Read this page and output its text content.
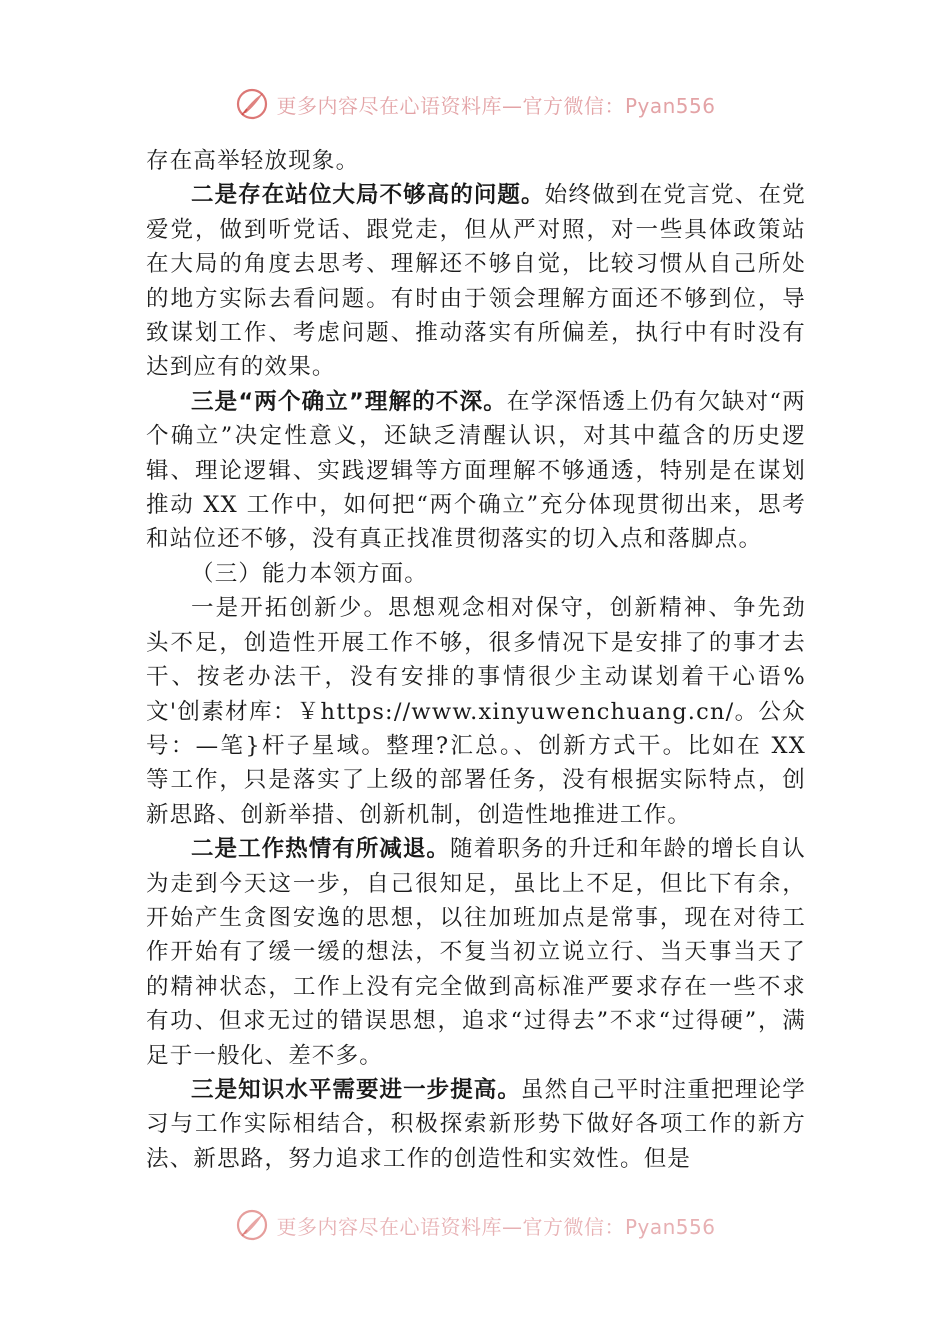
更多内容尽在心语资料库—官方微信：Pyan556

存在高举轻放现象。

二是存在站位大局不够高的问题。始终做到在党言党、在党爱党，做到听党话、跟党走，但从严对照，对一些具体政策站在大局的角度去思考、理解还不够自觉，比较习惯从自己所处的地方实际去看问题。有时由于领会理解方面还不够到位，导致谋划工作、考虑问题、推动落实有所偏差，执行中有时没有达到应有的效果。

三是“两个确立”理解的不深。在学深悟透上仍有欠缺对“两个确立”决定性意义，还缺乏清醒认识，对其中蕴含的历史逻辑、理论逻辑、实践逻辑等方面理解不够通透，特别是在谋划推动 XX 工作中，如何把“两个确立”充分体现贯彻出来，思考和站位还不够，没有真正找准贯彻落实的切入点和落脚点。

（三）能力本领方面。

一是开拓创新少。思想观念相对保守，创新精神、争先劲头不足，创造性开展工作不够，很多情况下是安排了的事才去干、按老办法干，没有安排的事情很少主动谋划着干心语%文'创素材库：￥https://www.xinyuwenchuang.cn/。公众号：—笔}杆子星域。整理?汇总。、创新方式干。比如在 XX 等工作，只是落实了上级的部署任务，没有根据实际特点，创新思路、创新举措、创新机制，创造性地推进工作。

二是工作热情有所减退。随着职务的升迁和年龄的增长自认为走到今天这一步，自己很知足，虽比上不足，但比下有余，开始产生贪图安逸的思想，以往加班加点是常事，现在对待工作开始有了缓一缓的想法，不复当初立说立行、当天事当天了的精神状态，工作上没有完全做到高标准严要求存在一些不求有功、但求无过的错误思想，追求“过得去”不求“过得硬”，满足于一般化、差不多。

三是知识水平需要进一步提高。虽然自己平时注重把理论学习与工作实际相结合，积极探索新形势下做好各项工作的新方法、新思路，努力追求工作的创造性和实效性。但是

更多内容尽在心语资料库—官方微信：Pyan556
